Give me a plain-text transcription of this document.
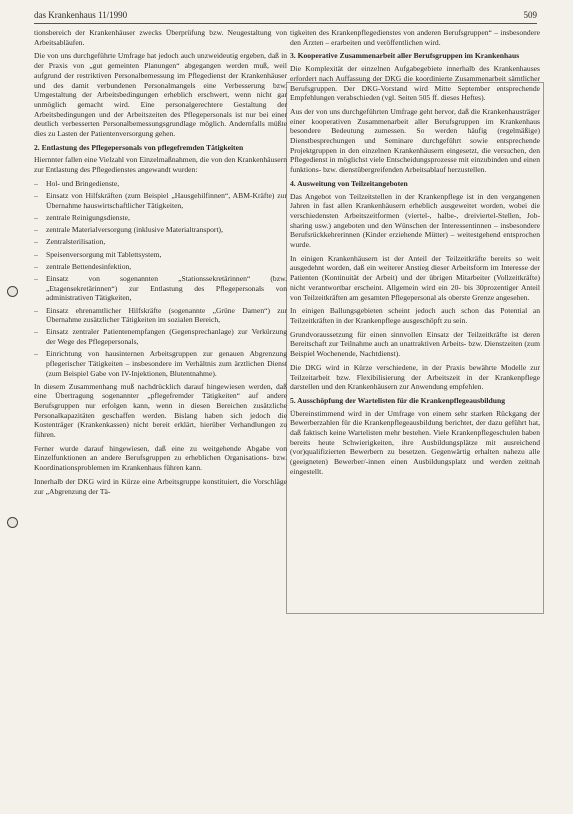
das Krankenhaus 11/1990	509

tionsbereich der Krankenhäuser zwecks Überprüfung bzw. Neugestaltung von Arbeitsabläufen.

Die von uns durchgeführte Umfrage hat jedoch auch unzweideutig ergeben, daß in der Praxis von „gut gemeinten Planungen“ abgegangen werden muß, weil aufgrund der restriktiven Personalbemessung im Pflegedienst der Krankenhäuser und des damit verbundenen Personalmangels eine Verbesserung bzw. Umgestaltung der Arbeitsbedingungen erheblich erschwert, wenn nicht gar unmöglich gemacht wird. Eine personalgerechtere Gestaltung der Arbeitsbedingungen und der Arbeitszeiten des Pflegepersonals ist nur bei einer deutlich verbesserten Personalbemessungsgrundlage möglich. Andernfalls müßte dies zu Lasten der Patientenversorgung gehen.

2. Entlastung des Pflegepersonals von pflegefremden Tätigkeiten

Hiernnter fallen eine Vielzahl von Einzelmaßnahmen, die von den Krankenhäusern zur Entlastung des Pflegedienstes angewandt wurden:

– Hol- und Bringedienste,
– Einsatz von Hilfskräften (zum Beispiel „Hausgehilfinnen“, ABM-Kräfte) zur Übernahme hauswirtschaftlicher Tätigkeiten,
– zentrale Reinigungsdienste,
– zentrale Materialversorgung (inklusive Materialtransport),
– Zentralsterilisation,
– Speisenversorgung mit Tablettsystem,
– zentrale Bettendesinfektion,
– Einsatz von sogenannten „Stationssekretärinnen“ (bzw. „Etagensekretärinnen“) zur Entlastung des Pflegepersonals von administrativen Tätigkeiten,
– Einsatz ehrenamtlicher Hilfskräfte (sogenannte „Grüne Damen“) zur Übernahme zusätzlicher Tätigkeiten im sozialen Bereich,
– Einsatz zentraler Patientenempfangen (Gegensprechanlage) zur Verkürzung der Wege des Pflegepersonals,
– Einrichtung von hausinternen Arbeitsgruppen zur genauen Abgrenzung pflegerischer Tätigkeiten – insbesondere im Verhältnis zum ärztlichen Dienst (zum Beispiel Gabe von IV-Injektionen, Blutentnahme).

In diesem Zusammenhang muß nachdrücklich darauf hingewiesen werden, daß eine Übertragung sogenannter „pflegefremder Tätigkeiten“ auf andere Berufsgruppen nur erfolgen kann, wenn in diesen Bereichen zusätzliche Personalkapazitäten geschaffen werden. Bislang haben sich jedoch die Kostenträger (Krankenkassen) nicht bereit erklärt, hierüber Verhandlungen zu führen.

Ferner wurde darauf hingewiesen, daß eine zu weitgehende Abgabe von Einzelfunktionen an andere Berufsgruppen zu erheblichen Organisations- bzw. Koordinationsproblemen im Krankenhaus führen kann.

Innerhalb der DKG wird in Kürze eine Arbeitsgruppe konstituiert, die Vorschläge zur „Abgrenzung der Tä-

tigkeiten des Krankenpflegedienstes von anderen Berufsgruppen“ – insbesondere den Ärzten – erarbeiten und veröffentlichen wird.

3. Kooperative Zusammenarbeit aller Berufsgruppen im Krankenhaus

Die Komplexität der einzelnen Aufgabegebiete innerhalb des Krankenhauses erfordert nach Auffassung der DKG die koordinierte Zusammenarbeit sämtlicher Berufsgruppen. Der DKG-Vorstand wird Mitte September entsprechende Empfehlungen verabschieden (vgl. Seiten 505 ff. dieses Heftes).

Aus der von uns durchgeführten Umfrage geht hervor, daß die Krankenhausträger einer kooperativen Zusammenarbeit aller Berufsgruppen im Krankenhaus besondere Bedeutung zumessen. So werden häufig (regelmäßige) Dienstbesprechungen und Seminare durchgeführt sowie entsprechende Projektgruppen in den einzelnen Krankenhäusern eingesetzt, die versuchen, den Pflegedienst in möglichst viele Entscheidungsprozesse mit einzubinden und einen funktions- bzw. dienstübergreifenden Arbeitsablauf herzustellen.

4. Ausweitung von Teilzeitangeboten

Das Angebot von Teilzeitstellen in der Krankenpflege ist in den vergangenen Jahren in fast allen Krankenhäusern erheblich ausgeweitet worden, wobei die verschiedensten Arbeitszeitformen (viertel-, halbe-, dreiviertel-Stellen, Job-sharing usw.) angeboten und den Wünschen der Interessentinnen – insbesondere Berufsrückkehrerinnen (Kinder erziehende Mütter) – weitestgehend entsprochen wurde.

In einigen Krankenhäusern ist der Anteil der Teilzeitkräfte bereits so weit ausgedehnt worden, daß ein weiterer Anstieg dieser Arbeitsform im Interesse der Patienten (Kontinuität der Arbeit) und der übrigen Mitarbeiter (Vollzeitkräfte) nicht verantwortbar erscheint. Allgemein wird ein 20- bis 30prozentiger Anteil von Teilzeitkräften am gesamten Pflegepersonal als oberste Grenze angesehen.

In einigen Ballungsgebieten scheint jedoch auch schon das Potential an Teilzeitkräften in der Krankenpflege ausgeschöpft zu sein.

Grundvoraussetzung für einen sinnvollen Einsatz der Teilzeitkräfte ist deren Bereitschaft zur Teilnahme auch an unattraktiven Arbeits- bzw. Dienstzeiten (zum Beispiel Wochenende, Nachtdienst).

Die DKG wird in Kürze verschiedene, in der Praxis bewährte Modelle zur Teilzeitarbeit bzw. Flexibilisierung der Arbeitszeit in der Krankenpflege darstellen und den Krankenhäusern zur Anwendung empfehlen.

5. Ausschöpfung der Wartelisten für die Krankenpflegeausbildung

Übereinstimmend wird in der Umfrage von einem sehr starken Rückgang der Bewerberzahlen für die Krankenpflegeausbildung berichtet, der dazu geführt hat, daß faktisch keine Wartelisten mehr bestehen. Viele Krankenpflegeschulen haben bereits heute Schwierigkeiten, ihre Ausbildungsplätze mit ausreichend (vor)qualifizierten Bewerbern zu besetzen. Gegenwärtig erhalten nahezu alle (geeigneten) Bewerber/-innen einen Ausbildungsplatz und werden zeitnah eingestellt.
